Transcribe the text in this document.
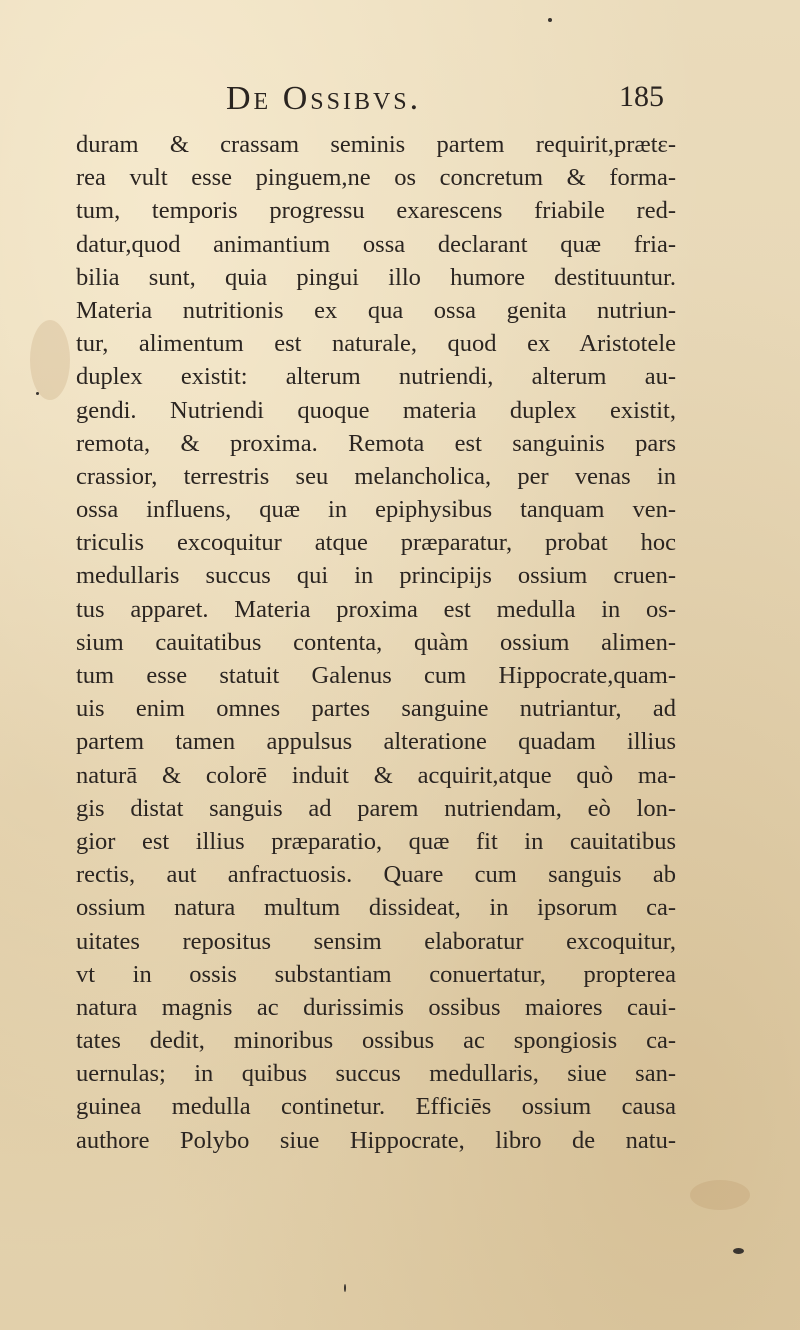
De Ossibvs.	185
duram & crassam seminis partem requirit,prætε-
rea vult esse pinguem,ne os concretum & forma-
tum, temporis progressu exarescens friabile red-
datur,quod animantium ossa declarant quæ fria-
bilia sunt, quia pingui illo humore destituuntur.
Materia nutritionis ex qua ossa genita nutriun-
tur, alimentum est naturale, quod ex Aristotele
duplex existit: alterum nutriendi, alterum au-
gendi. Nutriendi quoque materia duplex existit,
remota, & proxima. Remota est sanguinis pars
crassior, terrestris seu melancholica, per venas in
ossa influens, quæ in epiphysibus tanquam ven-
triculis excoquitur atque præparatur, probat hoc
medullaris succus qui in principijs ossium cruen-
tus apparet. Materia proxima est medulla in os-
sium cauitatibus contenta, quàm ossium alimen-
tum esse statuit Galenus cum Hippocrate,quam-
uis enim omnes partes sanguine nutriantur, ad
partem tamen appulsus alteratione quadam illius
naturā & colorē induit & acquirit,atque quò ma-
gis distat sanguis ad parem nutriendam, eò lon-
gior est illius præparatio, quæ fit in cauitatibus
rectis, aut anfractuosis. Quare cum sanguis ab
ossium natura multum dissideat, in ipsorum ca-
uitates repositus sensim elaboratur excoquitur,
vt in ossis substantiam conuertatur, propterea
natura magnis ac durissimis ossibus maiores caui-
tates dedit, minoribus ossibus ac spongiosis ca-
uernulas; in quibus succus medullaris, siue san-
guinea medulla continetur. Efficiēs ossium causa
authore Polybo siue Hippocrate, libro de natu-
